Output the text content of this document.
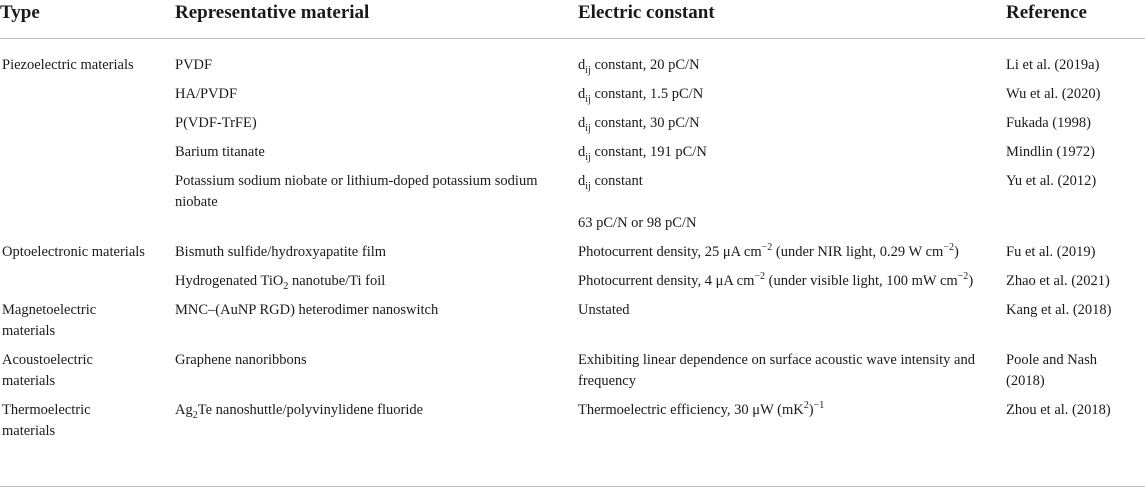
Type	Representative material	Electric constant	Reference

Piezoelectric materials	PVDF	$d_{ij}$ constant, 20 pC/N	Li et al. (2019a)

	HA/PVDF	$d_{ij}$ constant, 1.5 pC/N	Wu et al. (2020)

	P(VDF-TrFE)	$d_{ij}$ constant, 30 pC/N	Fukada (1998)

	Barium titanate	$d_{ij}$ constant, 191 pC/N	Mindlin (1972)

	Potassium sodium niobate or lithium-doped potassium sodium niobate	$d_{ij}$ constant	Yu et al. (2012)

		63 pC/N or 98 pC/N	

Optoelectronic materials	Bismuth sulfide/hydroxyapatite film	Photocurrent density, 25 μA $cm^{-2}$ (under NIR light, 0.29 W $cm^{-2}$)	Fu et al. (2019)

	Hydrogenated TiO$_2$ nanotube/Ti foil	Photocurrent density, 4 μA $cm^{-2}$ (under visible light, 100 mW $cm^{-2}$)	Zhao et al. (2021)

Magnetoelectric materials	MNC–(AuNP RGD) heterodimer nanoswitch	Unstated	Kang et al. (2018)

Acoustoelectric materials	Graphene nanoribbons	Exhibiting linear dependence on surface acoustic wave intensity and frequency	Poole and Nash (2018)

Thermoelectric materials	$Ag_2Te$ nanoshuttle/polyvinylidene fluoride	Thermoelectric efficiency, 30 μW $(mK^2)^{-1}$	Zhou et al. (2018)
